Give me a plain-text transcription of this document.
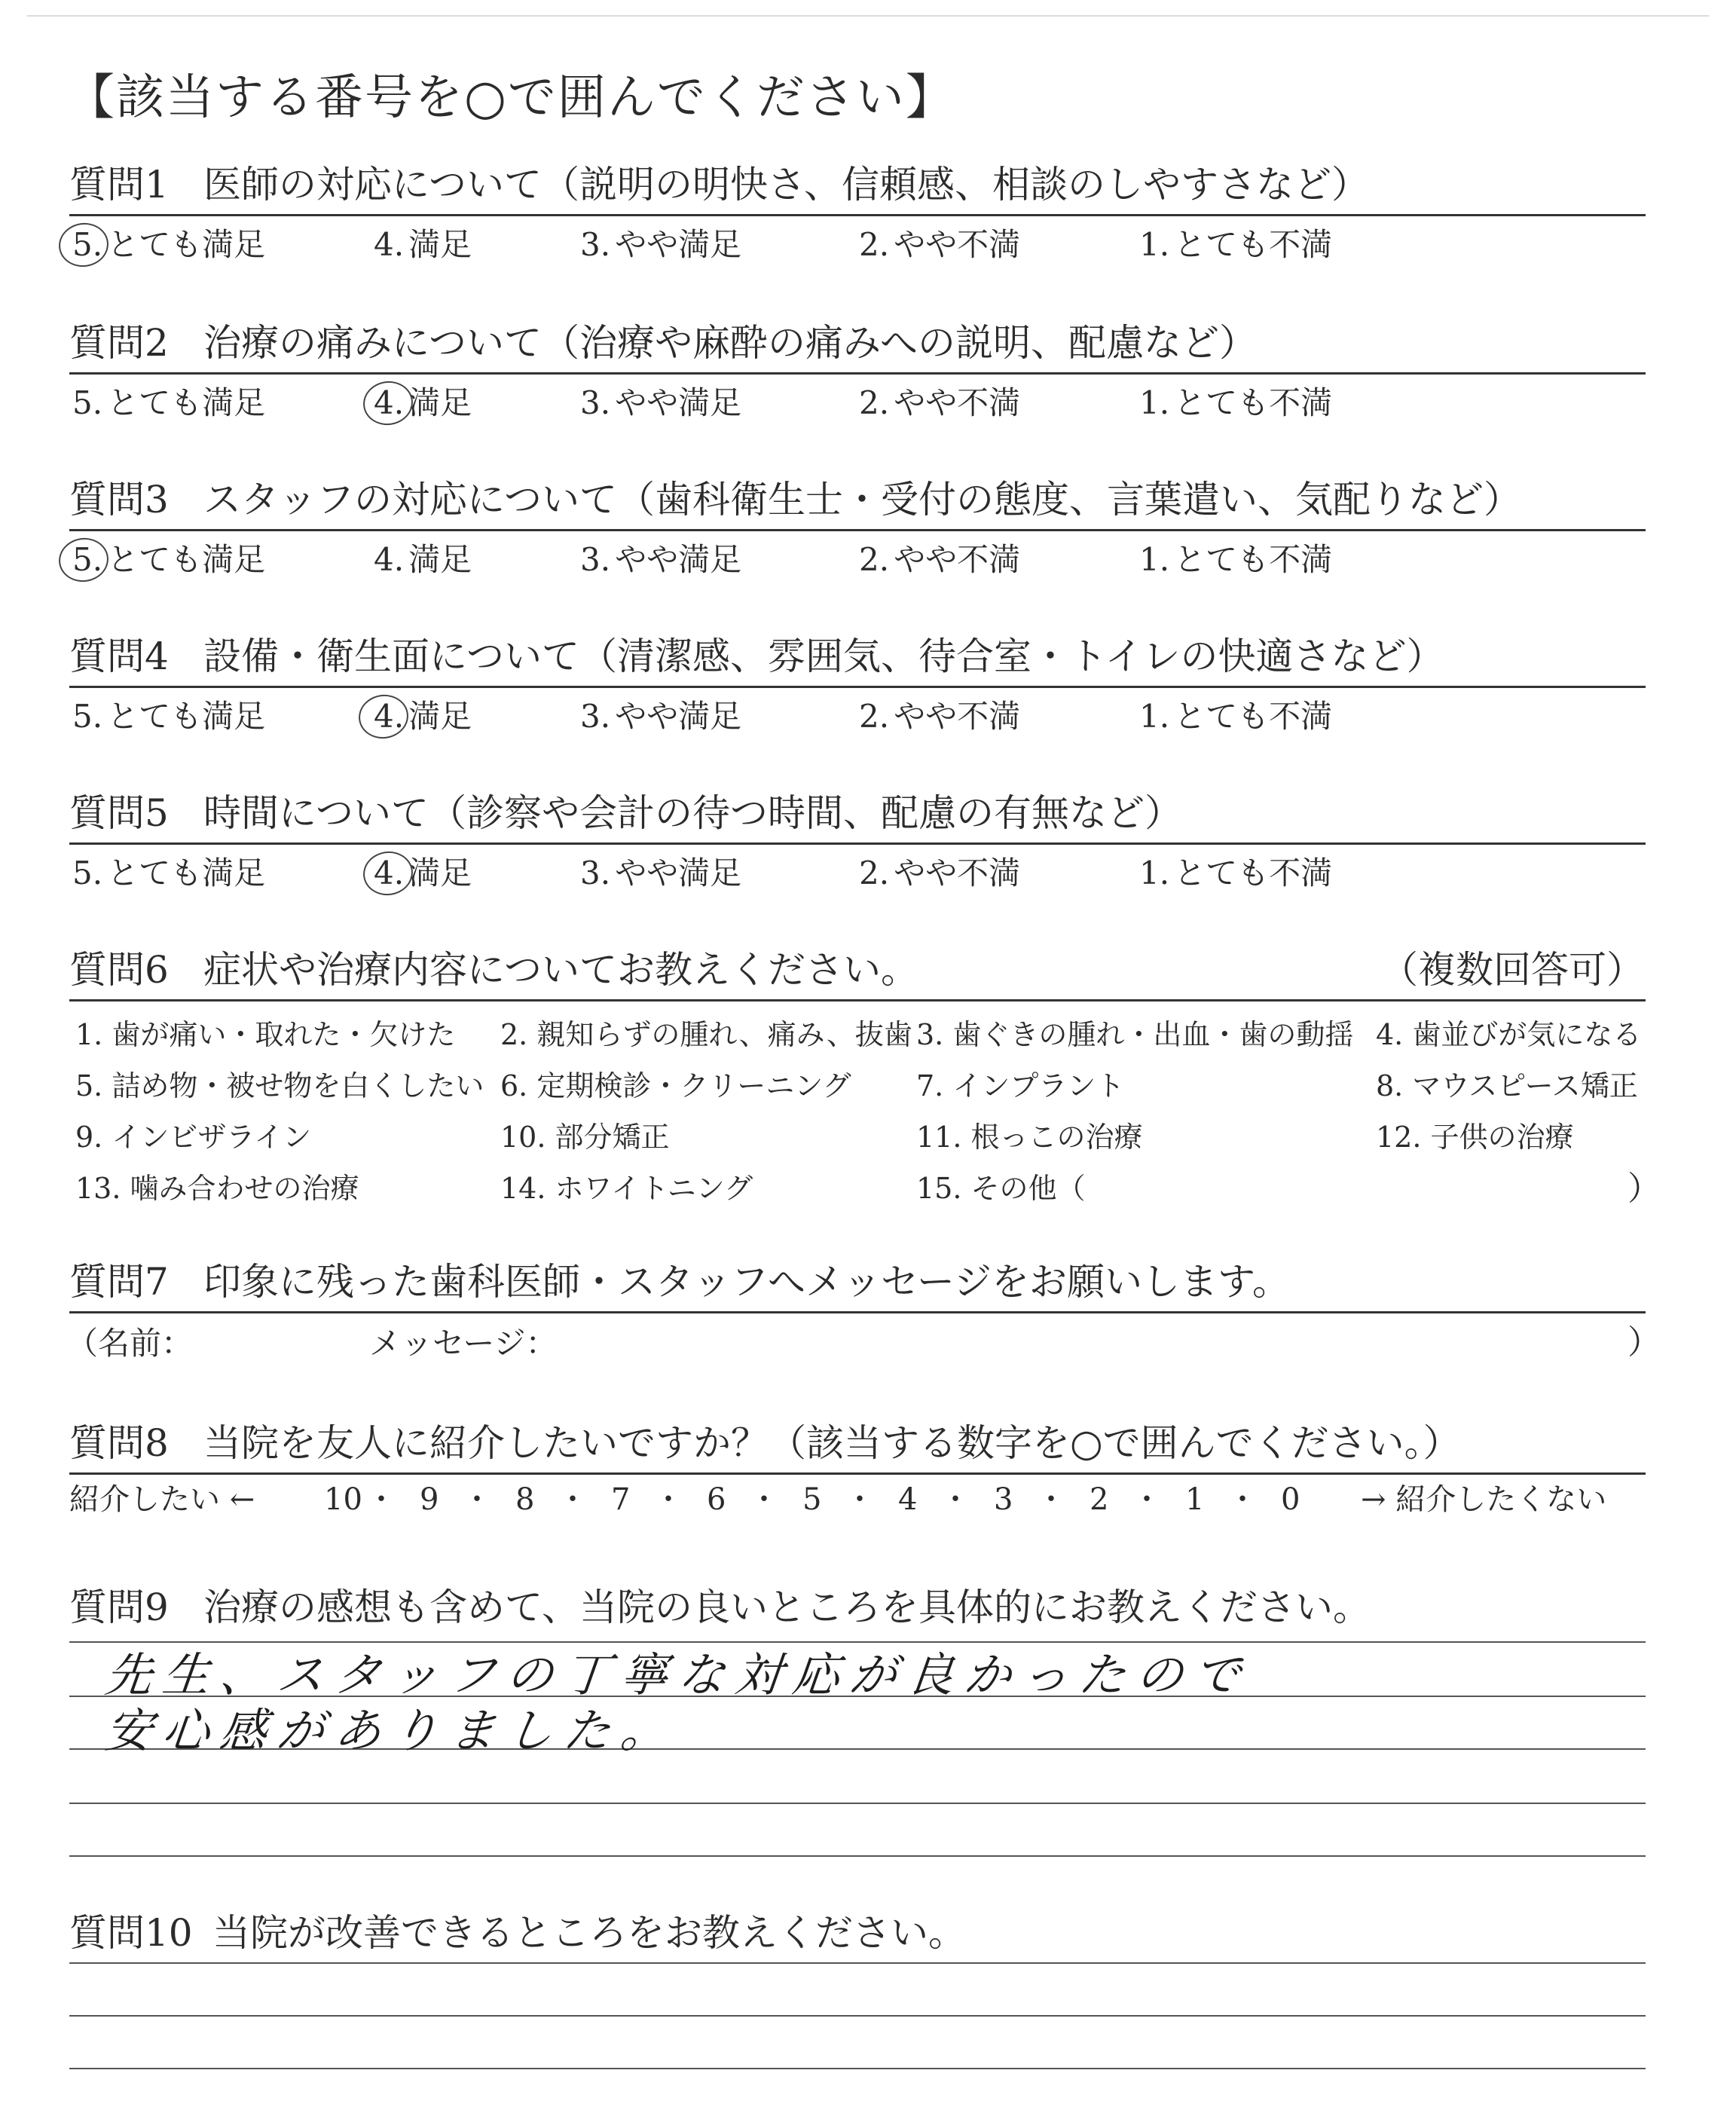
【該当する番号を○で囲んでください】
質問1 医師の対応について（説明の明快さ、信頼感、相談のしやすさなど）
5. とても満足	4. 満足	3. やや満足	2. やや不満	1. とても不満
質問2 治療の痛みについて（治療や麻酔の痛みへの説明、配慮など）
5. とても満足	4. 満足	3. やや満足	2. やや不満	1. とても不満
質問3 スタッフの対応について（歯科衛生士・受付の態度、言葉遣い、気配りなど）
5. とても満足	4. 満足	3. やや満足	2. やや不満	1. とても不満
質問4 設備・衛生面について（清潔感、雰囲気、待合室・トイレの快適さなど）
5. とても満足	4. 満足	3. やや満足	2. やや不満	1. とても不満
質問5 時間について（診察や会計の待つ時間、配慮の有無など）
5. とても満足	4. 満足	3. やや満足	2. やや不満	1. とても不満
質問6 症状や治療内容についてお教えください。	（複数回答可）
1. 歯が痛い・取れた・欠けた 2. 親知らずの腫れ、痛み、抜歯 3. 歯ぐきの腫れ・出血・歯の動揺 4. 歯並びが気になる
5. 詰め物・被せ物を白くしたい 6. 定期検診・クリーニング 7. インプラント	8. マウスピース矯正
9. インビザライン	10. 部分矯正	11. 根っこの治療	12. 子供の治療
13. 噛み合わせの治療	14. ホワイトニング	15. その他（	）
質問7 印象に残った歯科医師・スタッフへメッセージをお願いします。
（名前：	メッセージ：	）
質問8 当院を友人に紹介したいですか？（該当する数字を○で囲んでください。）
紹介したい ← 10 ・ 9 ・ 8 ・ 7 ・ 6 ・ 5 ・ 4 ・ 3 ・ 2 ・ 1 ・ 0 → 紹介したくない
質問9 治療の感想も含めて、当院の良いところを具体的にお教えください。
先生、スタッフの丁寧な対応が良かったので
安心感がありました。
質問10 当院が改善できるところをお教えください。
